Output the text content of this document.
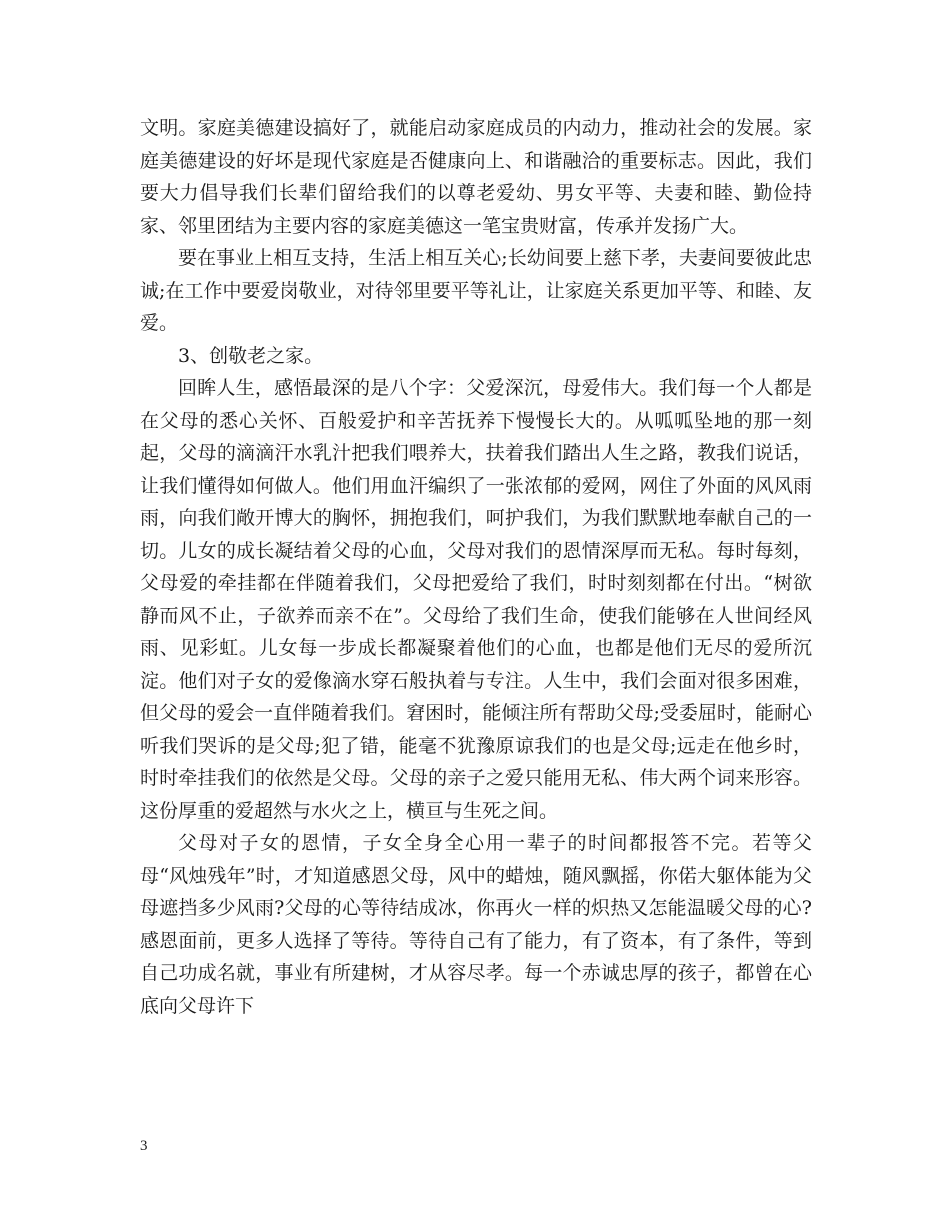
文明。家庭美德建设搞好了，就能启动家庭成员的内动力，推动社会的发展。家庭美德建设的好坏是现代家庭是否健康向上、和谐融洽的重要标志。因此，我们要大力倡导我们长辈们留给我们的以尊老爱幼、男女平等、夫妻和睦、勤俭持家、邻里团结为主要内容的家庭美德这一笔宝贵财富，传承并发扬广大。

要在事业上相互支持，生活上相互关心;长幼间要上慈下孝，夫妻间要彼此忠诚;在工作中要爱岗敬业，对待邻里要平等礼让，让家庭关系更加平等、和睦、友爱。

3、创敬老之家。

回眸人生，感悟最深的是八个字：父爱深沉，母爱伟大。我们每一个人都是在父母的悉心关怀、百般爱护和辛苦抚养下慢慢长大的。从呱呱坠地的那一刻起，父母的滴滴汗水乳汁把我们喂养大，扶着我们踏出人生之路，教我们说话，让我们懂得如何做人。他们用血汗编织了一张浓郁的爱网，网住了外面的风风雨雨，向我们敞开博大的胸怀，拥抱我们，呵护我们，为我们默默地奉献自己的一切。儿女的成长凝结着父母的心血，父母对我们的恩情深厚而无私。每时每刻，父母爱的牵挂都在伴随着我们，父母把爱给了我们，时时刻刻都在付出。“树欲静而风不止，子欲养而亲不在”。父母给了我们生命，使我们能够在人世间经风雨、见彩虹。儿女每一步成长都凝聚着他们的心血，也都是他们无尽的爱所沉淀。他们对子女的爱像滴水穿石般执着与专注。人生中，我们会面对很多困难，但父母的爱会一直伴随着我们。窘困时，能倾注所有帮助父母;受委屈时，能耐心听我们哭诉的是父母;犯了错，能毫不犹豫原谅我们的也是父母;远走在他乡时，时时牵挂我们的依然是父母。父母的亲子之爱只能用无私、伟大两个词来形容。这份厚重的爱超然与水火之上，横亘与生死之间。

父母对子女的恩情，子女全身全心用一辈子的时间都报答不完。若等父母“风烛残年”时，才知道感恩父母，风中的蜡烛，随风飘摇，你偌大躯体能为父母遮挡多少风雨?父母的心等待结成冰，你再火一样的炽热又怎能温暖父母的心?感恩面前，更多人选择了等待。等待自己有了能力，有了资本，有了条件，等到自己功成名就，事业有所建树，才从容尽孝。每一个赤诚忠厚的孩子，都曾在心底向父母许下

3
